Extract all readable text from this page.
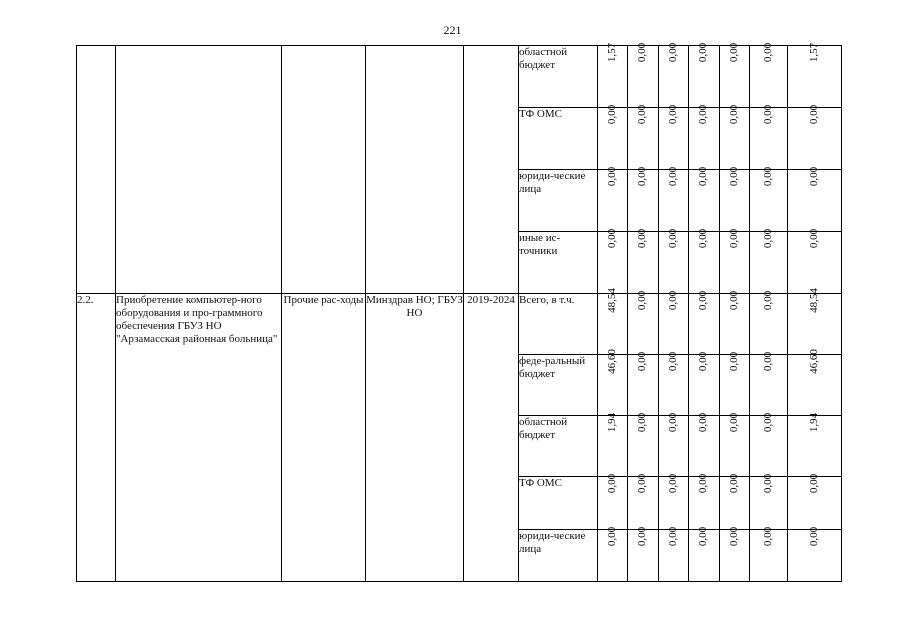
221
					областной бюджет	1,57	0,00	0,00	0,00	0,00	0,00	1,57
					ТФ ОМС	0,00	0,00	0,00	0,00	0,00	0,00	0,00
					юриди-ческие лица	0,00	0,00	0,00	0,00	0,00	0,00	0,00
					иные ис-точники	0,00	0,00	0,00	0,00	0,00	0,00	0,00
2.2.	Приобретение компьютер-ного оборудования и про-граммного обеспечения ГБУЗ НО "Арзамасская районная больница"	Прочие рас-ходы	Минздрав НО; ГБУЗ НО	2019-2024	Всего, в т.ч.	48,54	0,00	0,00	0,00	0,00	0,00	48,54
					феде-ральный бюджет	46,60	0,00	0,00	0,00	0,00	0,00	46,60
					областной бюджет	1,94	0,00	0,00	0,00	0,00	0,00	1,94
					ТФ ОМС	0,00	0,00	0,00	0,00	0,00	0,00	0,00
					юриди-ческие лица	0,00	0,00	0,00	0,00	0,00	0,00	0,00
